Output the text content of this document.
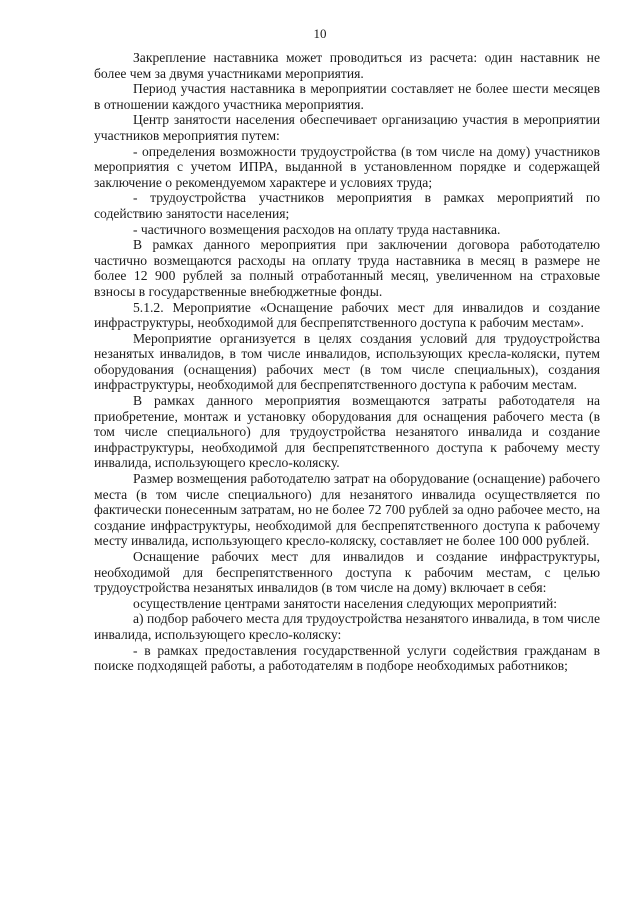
10

Закрепление наставника может проводиться из расчета: один наставник не более чем за двумя участниками мероприятия.

Период участия наставника в мероприятии составляет не более шести месяцев в отношении каждого участника мероприятия.

Центр занятости населения обеспечивает организацию участия в мероприятии участников мероприятия путем:

- определения возможности трудоустройства (в том числе на дому) участников мероприятия с учетом ИПРА, выданной в установленном порядке и содержащей заключение о рекомендуемом характере и условиях труда;

- трудоустройства участников мероприятия в рамках мероприятий по содействию занятости населения;

- частичного возмещения расходов на оплату труда наставника.

В рамках данного мероприятия при заключении договора работодателю частично возмещаются расходы на оплату труда наставника в месяц в размере не более 12 900 рублей за полный отработанный месяц, увеличенном на страховые взносы в государственные внебюджетные фонды.

5.1.2. Мероприятие «Оснащение рабочих мест для инвалидов и создание инфраструктуры, необходимой для беспрепятственного доступа к рабочим местам».

Мероприятие организуется в целях создания условий для трудоустройства незанятых инвалидов, в том числе инвалидов, использующих кресла-коляски, путем оборудования (оснащения) рабочих мест (в том числе специальных), создания инфраструктуры, необходимой для беспрепятственного доступа к рабочим местам.

В рамках данного мероприятия возмещаются затраты работодателя на приобретение, монтаж и установку оборудования для оснащения рабочего места (в том числе специального) для трудоустройства незанятого инвалида и создание инфраструктуры, необходимой для беспрепятственного доступа к рабочему месту инвалида, использующего кресло-коляску.

Размер возмещения работодателю затрат на оборудование (оснащение) рабочего места (в том числе специального) для незанятого инвалида осуществляется по фактически понесенным затратам, но не более 72 700 рублей за одно рабочее место, на создание инфраструктуры, необходимой для беспрепятственного доступа к рабочему месту инвалида, использующего кресло-коляску, составляет не более 100 000 рублей.

Оснащение рабочих мест для инвалидов и создание инфраструктуры, необходимой для беспрепятственного доступа к рабочим местам, с целью трудоустройства незанятых инвалидов (в том числе на дому) включает в себя:

осуществление центрами занятости населения следующих мероприятий:

а) подбор рабочего места для трудоустройства незанятого инвалида, в том числе инвалида, использующего кресло-коляску:

- в рамках предоставления государственной услуги содействия гражданам в поиске подходящей работы, а работодателям в подборе необходимых работников;
